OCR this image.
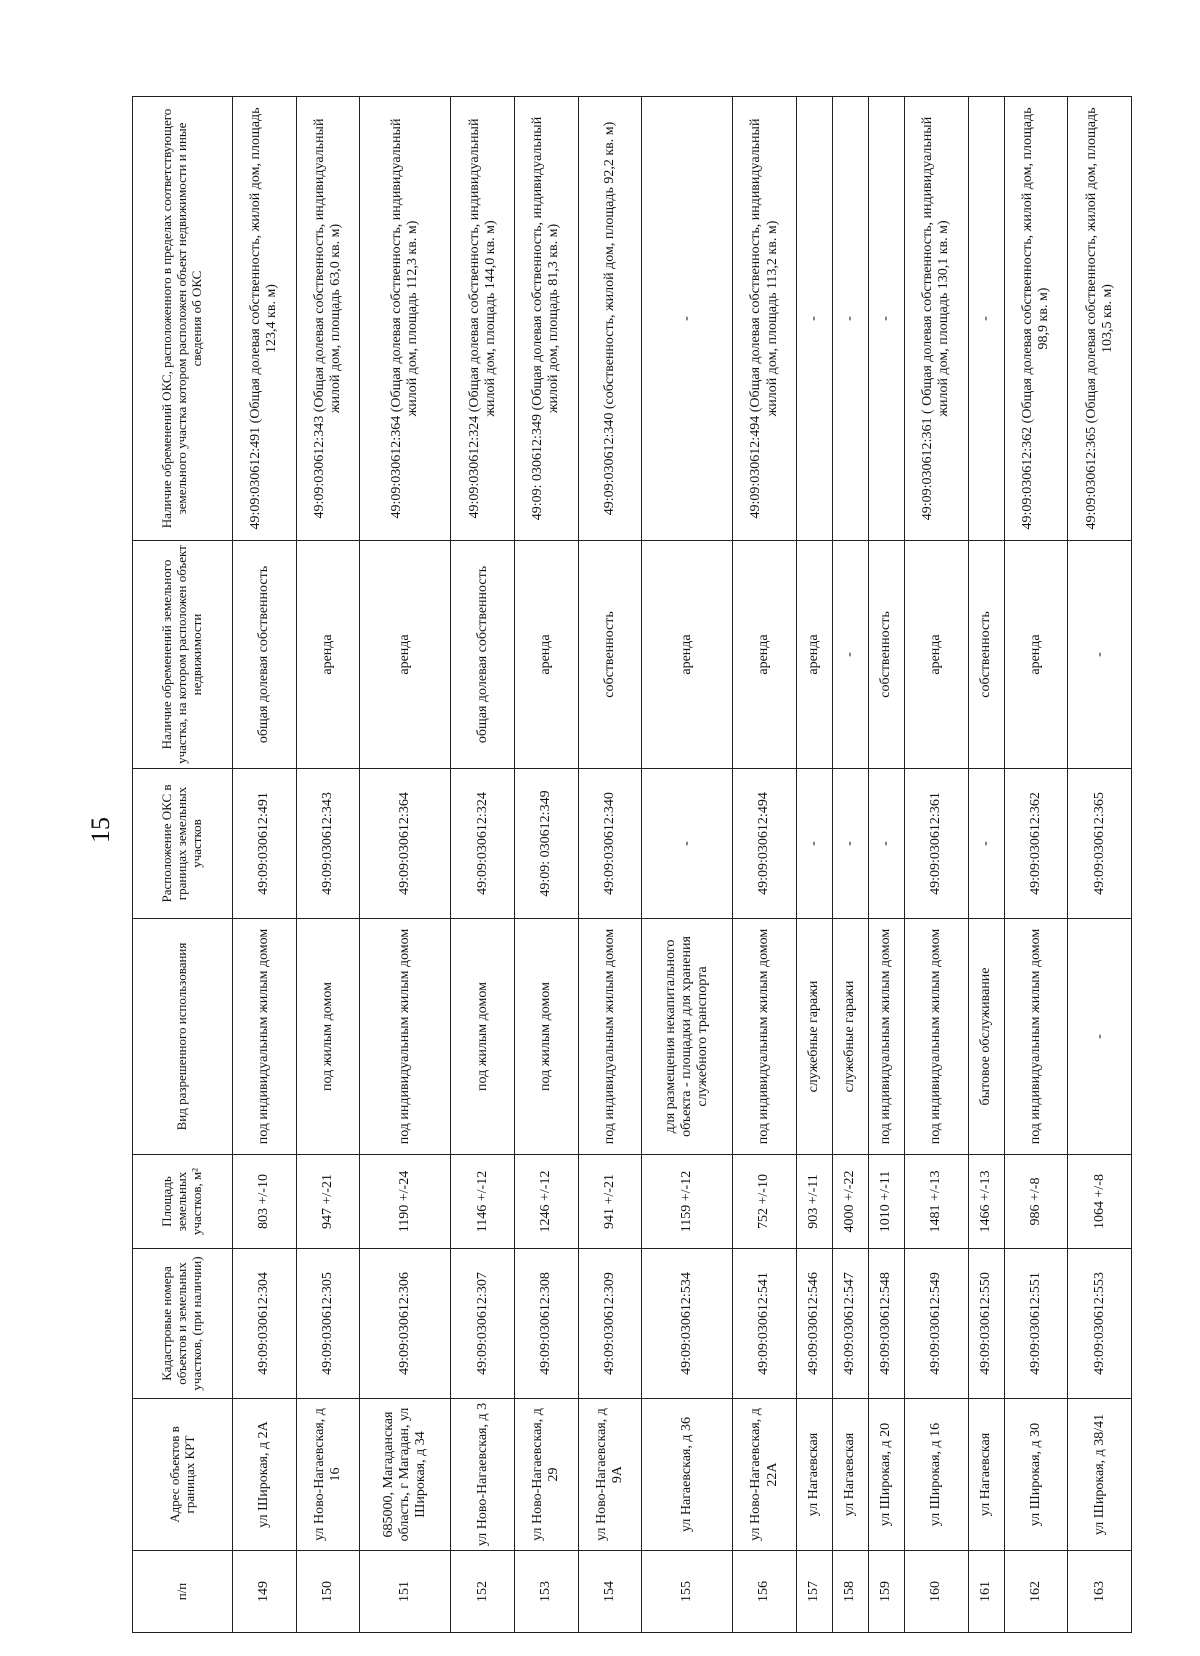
15
п/п	Адрес объектов в границах КРТ	Кадастровые номера объектов и земельных участков, (при наличии)	Площадь земельных участков, м²	Вид разрешенного использования	Расположение ОКС в границах земельных участков	Наличие обременений земельного участка, на котором расположен объект недвижимости	Наличие обременений ОКС, расположенного в пределах соответствующего земельного участка котором расположен объект недвижимости и иные сведения об ОКС
149	ул Широкая, д 2А	49:09:030612:304	803 +/-10	под индивидуальным жилым домом	49:09:030612:491	общая долевая собственность	49:09:030612:491 (Общая долевая собственность, жилой дом, площадь 123,4 кв. м)
150	ул Ново-Нагаевская, д 16	49:09:030612:305	947 +/-21	под жилым домом	49:09:030612:343	аренда	49:09:030612:343 (Общая долевая собственность, индивидуальный жилой дом, площадь 63,0 кв. м)
151	685000, Магаданская область, г Магадан, ул Широкая, д 34	49:09:030612:306	1190 +/-24	под индивидуальным жилым домом	49:09:030612:364	аренда	49:09:030612:364 (Общая долевая собственность, индивидуальный жилой дом, площадь 112,3 кв. м)
152	ул Ново-Нагаевская, д 3	49:09:030612:307	1146 +/-12	под жилым домом	49:09:030612:324	общая долевая собственность	49:09:030612:324 (Общая долевая собственность, индивидуальный жилой дом, площадь 144,0 кв. м)
153	ул Ново-Нагаевская, д 29	49:09:030612:308	1246 +/-12	под жилым домом	49:09: 030612:349	аренда	49:09: 030612:349 (Общая долевая собственность, индивидуальный жилой дом, площадь 81,3 кв. м)
154	ул Ново-Нагаевская, д 9А	49:09:030612:309	941 +/-21	под индивидуальным жилым домом	49:09:030612:340	собственность	49:09:030612:340 (собственность, жилой дом, площадь 92,2 кв. м)
155	ул Нагаевская, д 36	49:09:030612:534	1159 +/-12	для размещения некапитального объекта - площадки для хранения служебного транспорта	-	аренда	-
156	ул Ново-Нагаевская, д 22А	49:09:030612:541	752 +/-10	под индивидуальным жилым домом	49:09:030612:494	аренда	49:09:030612:494 (Общая долевая собственность, индивидуальный жилой дом, площадь 113,2 кв. м)
157	ул Нагаевская	49:09:030612:546	903 +/-11	служебные гаражи	-	аренда	-
158	ул Нагаевская	49:09:030612:547	4000 +/-22	служебные гаражи	-	-	-
159	ул Широкая, д 20	49:09:030612:548	1010 +/-11	под индивидуальным жилым домом	-	собственность	-
160	ул Широкая, д 16	49:09:030612:549	1481 +/-13	под индивидуальным жилым домом	49:09:030612:361	аренда	49:09:030612:361 ( Общая долевая собственность, индивидуальный жилой дом, площадь 130,1 кв. м)
161	ул Нагаевская	49:09:030612:550	1466 +/-13	бытовое обслуживание	-	собственность	-
162	ул Широкая, д 30	49:09:030612:551	986 +/-8	под индивидуальным жилым домом	49:09:030612:362	аренда	49:09:030612:362 (Общая долевая собственность, жилой дом, площадь 98,9 кв. м)
163	ул Широкая, д 38/41	49:09:030612:553	1064 +/-8	-	49:09:030612:365	-	49:09:030612:365 (Общая долевая собственность, жилой дом, площадь 103,5 кв. м)
